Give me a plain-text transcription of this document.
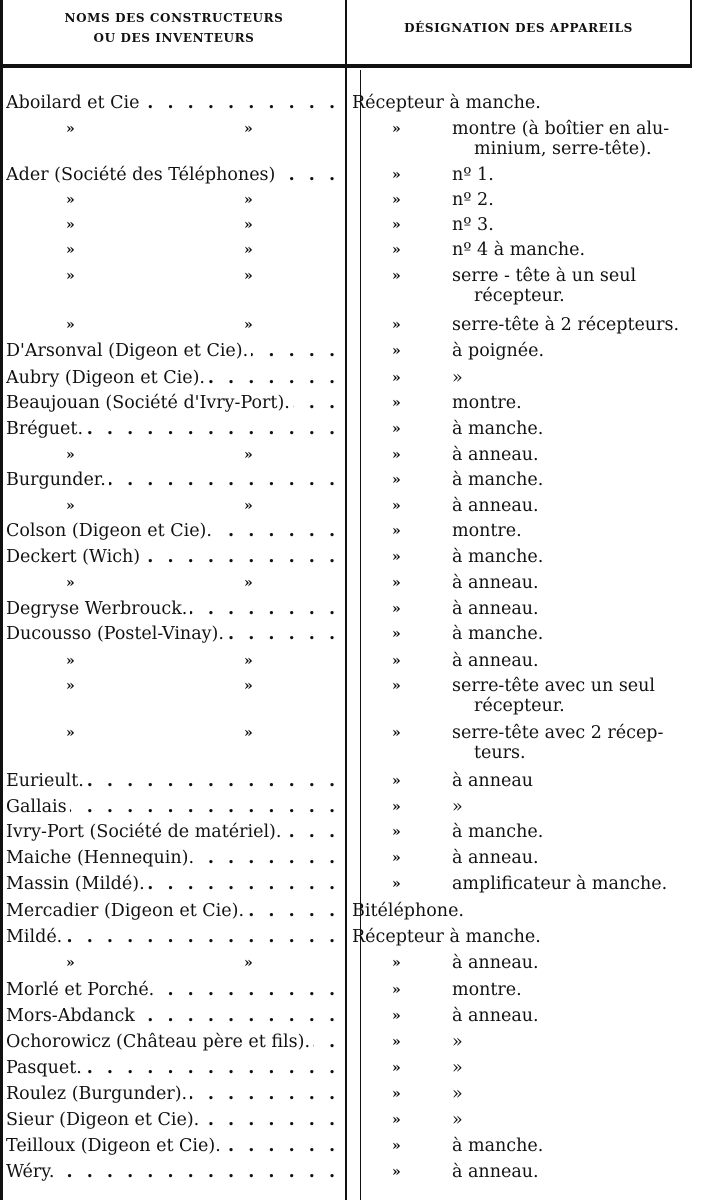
NOMS DES CONSTRUCTEURS
OU DES INVENTEURS
DÉSIGNATION DES APPAREILS
Aboilard et Cie . . .	Récepteur à manche.
»	»	»	montre (à boîtier en alu-
minium, serre-tête).
Ader (Société des Téléphones) . . .	»	nº 1.
»	»	»	nº 2.
»	»	»	nº 3.
»	»	»	nº 4 à manche.
»	»	»	serre - tête à un seul
récepteur.
»	»	»	serre-tête à 2 récepteurs.
D'Arsonval (Digeon et Cie). . . .	»	à poignée.
Aubry (Digeon et Cie). . . .	»	»
Beaujouan (Société d'Ivry-Port). . . .	»	montre.
Bréguet. . . .	»	à manche.
»	»	»	à anneau.
Burgunder. . . .	»	à manche.
»	»	»	à anneau.
Colson (Digeon et Cie). . . .	»	montre.
Deckert (Wich) . . .	»	à manche.
»	»	»	à anneau.
Degryse Werbrouck. . . .	»	à anneau.
Ducousso (Postel-Vinay). . . .	»	à manche.
»	»	»	à anneau.
»	»	»	serre-tête avec un seul
récepteur.
»	»	»	serre-tête avec 2 récep-
teurs.
Eurieult. . . .	»	à anneau
Gallais . . .	»	»
Ivry-Port (Société de matériel). . . .	»	à manche.
Maiche (Hennequin). . . .	»	à anneau.
Massin (Mildé). . . .	»	amplificateur à manche.
Mercadier (Digeon et Cie). . . .	Bitéléphone.
Mildé. . . .	Récepteur à manche.
»	»	»	à anneau.
Morlé et Porché. . . .	»	montre.
Mors-Abdanck . . .	»	à anneau.
Ochorowicz (Château père et fils). . . .	»	»
Pasquet. . . .	»	»
Roulez (Burgunder). . . .	»	»
Sieur (Digeon et Cie). . . .	»	»
Teilloux (Digeon et Cie). . . .	»	à manche.
Wéry. . . .	»	à anneau.
